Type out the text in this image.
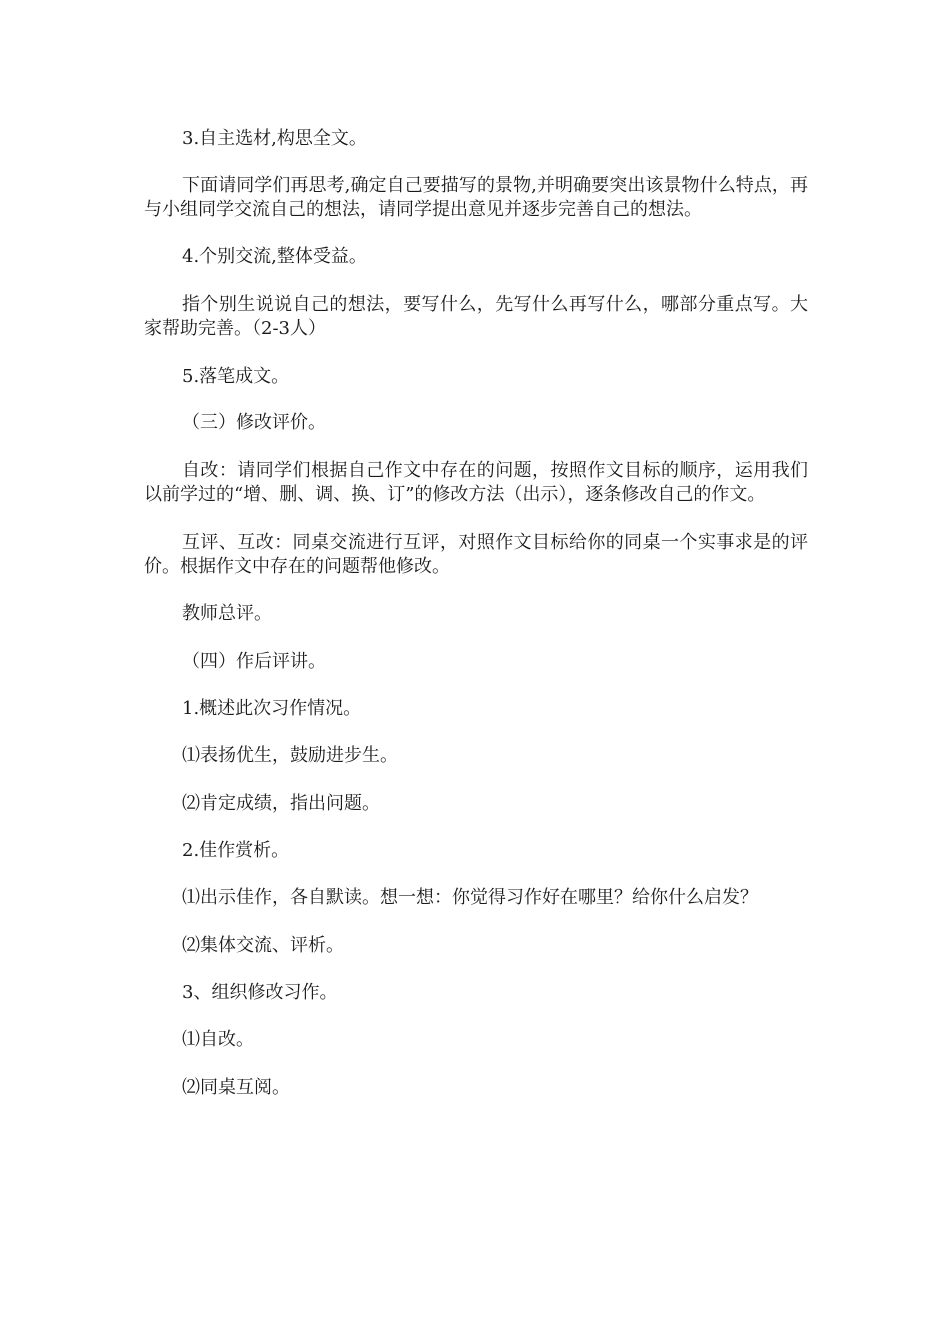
3.自主选材,构思全文。

下面请同学们再思考,确定自己要描写的景物,并明确要突出该景物什么特点，再与小组同学交流自己的想法，请同学提出意见并逐步完善自己的想法。

4.个别交流,整体受益。

指个别生说说自己的想法，要写什么，先写什么再写什么，哪部分重点写。大家帮助完善。（2-3人）

5.落笔成文。

（三）修改评价。

自改：请同学们根据自己作文中存在的问题，按照作文目标的顺序，运用我们以前学过的“增、删、调、换、订”的修改方法（出示），逐条修改自己的作文。

互评、互改：同桌交流进行互评，对照作文目标给你的同桌一个实事求是的评价。根据作文中存在的问题帮他修改。

教师总评。

（四）作后评讲。

1.概述此次习作情况。

⑴表扬优生，鼓励进步生。

⑵肯定成绩，指出问题。

2.佳作赏析。

⑴出示佳作，各自默读。想一想：你觉得习作好在哪里？给你什么启发？

⑵集体交流、评析。

3、组织修改习作。

⑴自改。

⑵同桌互阅。
